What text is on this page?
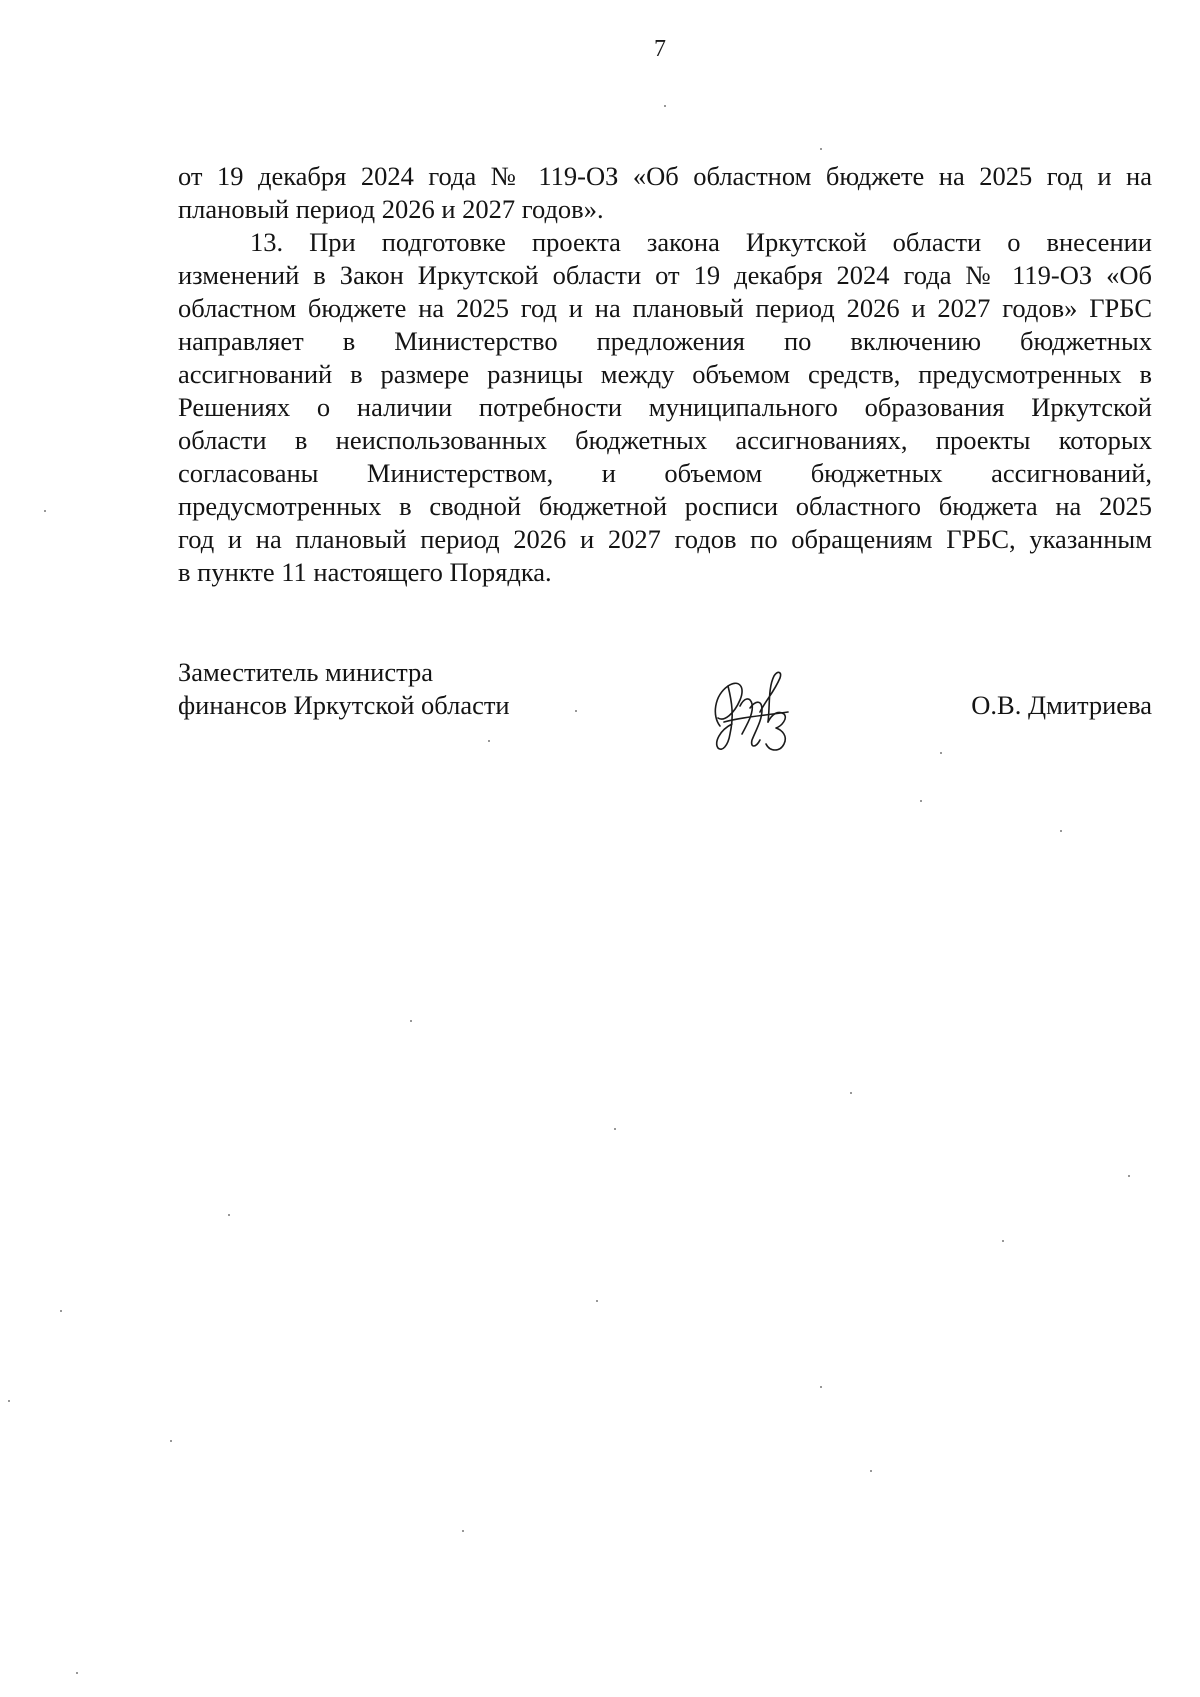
7
от 19 декабря 2024 года № 119-ОЗ «Об областном бюджете на 2025 год и на
плановый период 2026 и 2027 годов».
13. При подготовке проекта закона Иркутской области о внесении
изменений в Закон Иркутской области от 19 декабря 2024 года № 119-ОЗ «Об
областном бюджете на 2025 год и на плановый период 2026 и 2027 годов» ГРБС
направляет в Министерство предложения по включению бюджетных
ассигнований в размере разницы между объемом средств, предусмотренных в
Решениях о наличии потребности муниципального образования Иркутской
области в неиспользованных бюджетных ассигнованиях, проекты которых
согласованы Министерством, и объемом бюджетных ассигнований,
предусмотренных в сводной бюджетной росписи областного бюджета на 2025
год и на плановый период 2026 и 2027 годов по обращениям ГРБС, указанным
в пункте 11 настоящего Порядка.
Заместитель министра
финансов Иркутской области	О.В. Дмитриева
